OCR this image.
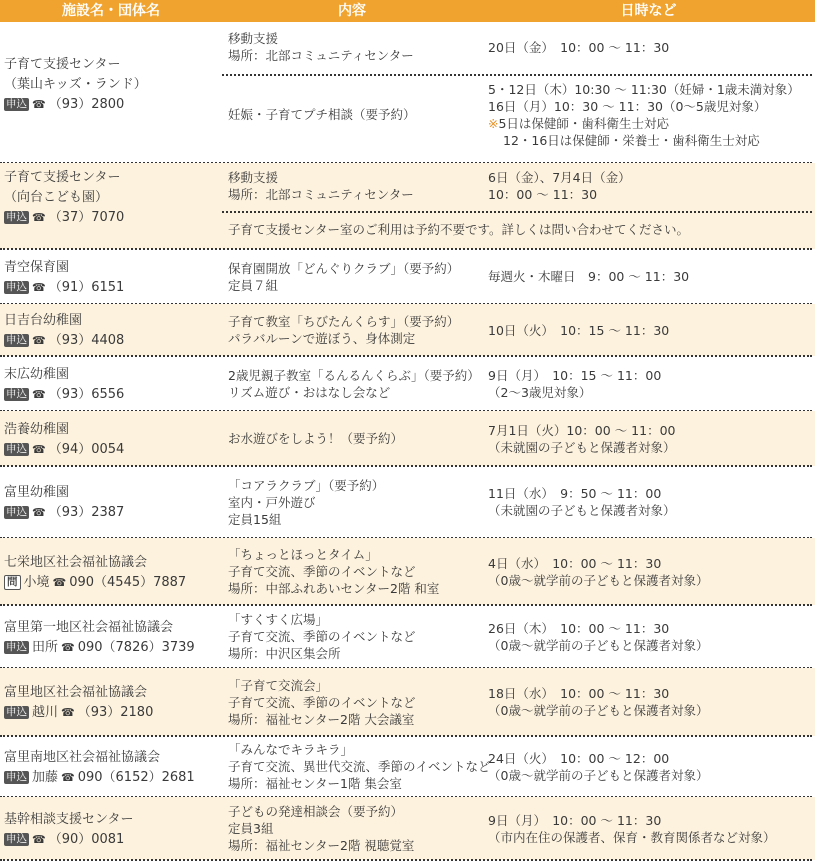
施設名・団体名	内容	日時など
子育て支援センター
（葉山キッズ・ランド）
申込 ☎ （93）2800
移動支援
場所：北部コミュニティセンター
20日（金）　10：00 ～ 11：30
5・12日（木）10:30 ～ 11:30（妊婦・1歳未満対象）
16日（月）10：30 ～ 11：30（0～5歳児対象）
妊娠・子育てプチ相談（要予約）
※5日は保健師・歯科衛生士対応
12・16日は保健師・栄養士・歯科衛生士対応
子育て支援センター
（向台こども園）
申込 ☎ （37）7070
移動支援
場所：北部コミュニティセンター
6日（金）、7月4日（金）
10：00 ～ 11：30
子育て支援センター室のご利用は予約不要です。詳しくは問い合わせてください。
青空保育園
申込 ☎ （91）6151
保育園開放「どんぐりクラブ」（要予約）
定員７組
毎週火・木曜日　9：00 ～ 11：30
日吉台幼稚園
申込 ☎ （93）4408
子育て教室「ちびたんくらす」（要予約）
パラバルーンで遊ぼう、身体測定
10日（火）　10：15 ～ 11：30
末広幼稚園
申込 ☎ （93）6556
2歳児親子教室「るんるんくらぶ」（要予約）
リズム遊び・おはなし会など
9日（月）　10：15 ～ 11：00
（2～3歳児対象）
浩養幼稚園
申込 ☎ （94）0054
お水遊びをしよう！（要予約）
7月1日（火）10：00 ～ 11：00
（未就園の子どもと保護者対象）
富里幼稚園
申込 ☎ （93）2387
「コアラクラブ」（要予約）
室内・戸外遊び
定員15組
11日（水）　9：50 ～ 11：00
（未就園の子どもと保護者対象）
七栄地区社会福祉協議会
問 小境 ☎ 090（4545）7887
「ちょっとほっとタイム」
子育て交流、季節のイベントなど
場所：中部ふれあいセンター2階 和室
4日（水）　10：00 ～ 11：30
（0歳～就学前の子どもと保護者対象）
富里第一地区社会福祉協議会
申込 田所 ☎ 090（7826）3739
「すくすく広場」
子育て交流、季節のイベントなど
場所：中沢区集会所
26日（木）　10：00 ～ 11：30
（0歳～就学前の子どもと保護者対象）
富里地区社会福祉協議会
申込 越川 ☎ （93）2180
「子育て交流会」
子育て交流、季節のイベントなど
場所：福祉センター2階 大会議室
18日（水）　10：00 ～ 11：30
（0歳～就学前の子どもと保護者対象）
富里南地区社会福祉協議会
申込 加藤 ☎ 090（6152）2681
「みんなでキラキラ」
子育て交流、異世代交流、季節のイベントなど
場所：福祉センター1階 集会室
24日（火）　10：00 ～ 12：00
（0歳～就学前の子どもと保護者対象）
基幹相談支援センター
申込 ☎ （90）0081
子どもの発達相談会（要予約）
定員3組
場所：福祉センター2階 視聴覚室
9日（月）　10：00 ～ 11：30
（市内在住の保護者、保育・教育関係者など対象）
